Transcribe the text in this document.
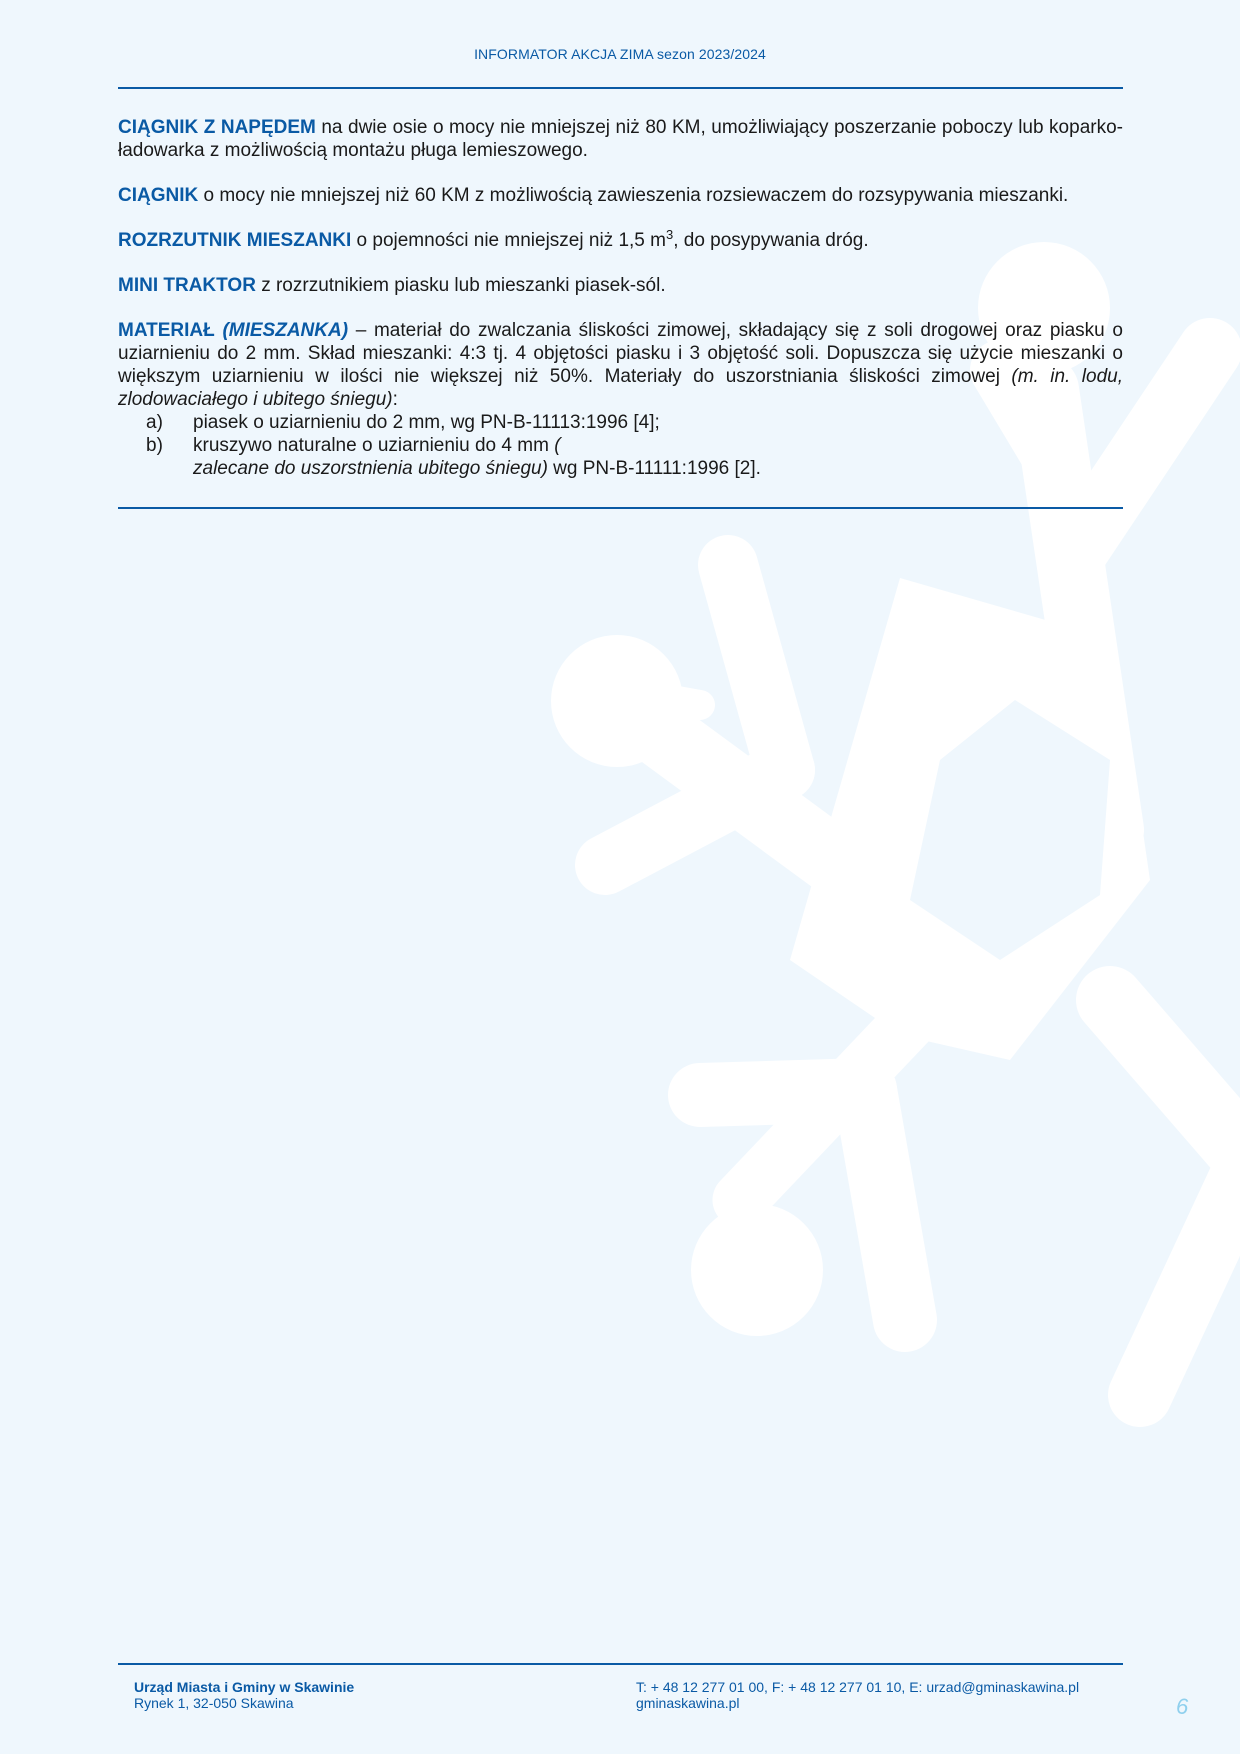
INFORMATOR AKCJA ZIMA sezon 2023/2024

CIĄGNIK Z NAPĘDEM na dwie osie o mocy nie mniejszej niż 80 KM, umożliwiający poszerzanie poboczy lub koparko-ładowarka z możliwością montażu pługa lemieszowego.

CIĄGNIK o mocy nie mniejszej niż 60 KM z możliwością zawieszenia rozsiewaczem do rozsypywania mieszanki.

ROZRZUTNIK MIESZANKI o pojemności nie mniejszej niż 1,5 $m^3$, do posypywania dróg.

MINI TRAKTOR z rozrzutnikiem piasku lub mieszanki piasek-sól.

MATERIAŁ (MIESZANKA) – materiał do zwalczania śliskości zimowej, składający się z soli drogowej oraz piasku o uziarnieniu do 2 mm. Skład mieszanki: 4:3 tj. 4 objętości piasku i 3 objętość soli. Dopuszcza się użycie mieszanki o większym uziarnieniu w ilości nie większej niż 50%. Materiały do uszorstniania śliskości zimowej (m. in. lodu, zlodowaciałego i ubitego śniegu):

a) piasek o uziarnieniu do 2 mm, wg PN-B-11113:1996 [4];
b) kruszywo naturalne o uziarnieniu do 4 mm (
zalecane do uszorstnienia ubitego śniegu) wg PN-B-11111:1996 [2].
Urząd Miasta i Gminy w Skawinie
Rynek 1, 32-050 Skawina
T: + 48 12 277 01 00, F: + 48 12 277 01 10, E: urzad@gminaskawina.pl
gminaskawina.pl	6
